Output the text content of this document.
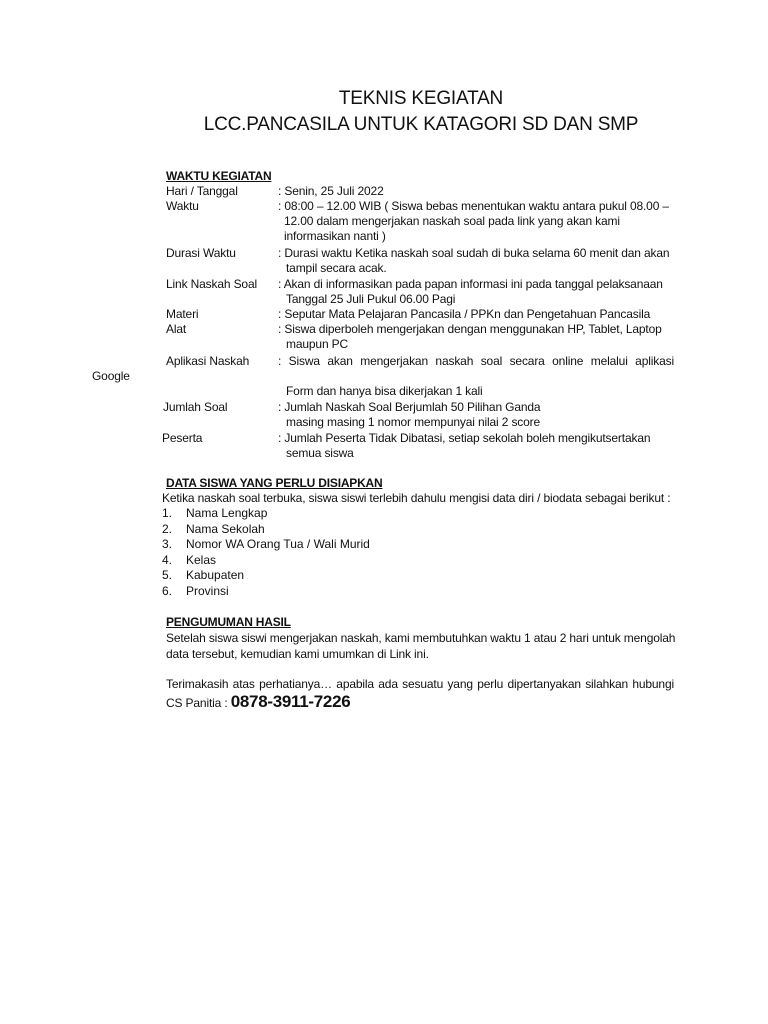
TEKNIS KEGIATAN
LCC.PANCASILA UNTUK KATAGORI SD DAN SMP
WAKTU KEGIATAN
Hari / Tanggal	: Senin, 25 Juli 2022
Waktu	: 08:00 – 12.00 WIB ( Siswa bebas menentukan waktu antara pukul 08.00 –
12.00 dalam mengerjakan naskah soal pada link yang akan kami
informasikan nanti )
Durasi Waktu	: Durasi waktu Ketika naskah soal sudah di buka selama 60 menit dan akan
tampil secara acak.
Link Naskah Soal : Akan di informasikan pada papan informasi ini pada tanggal pelaksanaan
Tanggal 25 Juli Pukul 06.00 Pagi
Materi	: Seputar Mata Pelajaran Pancasila / PPKn dan Pengetahuan Pancasila
Alat	: Siswa diperboleh mengerjakan dengan menggunakan HP, Tablet, Laptop
maupun PC
Aplikasi Naskah : Siswa akan mengerjakan naskah soal secara online melalui aplikasi
Google
Form dan hanya bisa dikerjakan 1 kali
Jumlah Soal	: Jumlah Naskah Soal Berjumlah 50 Pilihan Ganda
masing masing 1 nomor mempunyai nilai 2 score
Peserta	: Jumlah Peserta Tidak Dibatasi, setiap sekolah boleh mengikutsertakan
semua siswa
DATA SISWA YANG PERLU DISIAPKAN
Ketika naskah soal terbuka, siswa siswi terlebih dahulu mengisi data diri / biodata sebagai berikut :
1. Nama Lengkap
2. Nama Sekolah
3. Nomor WA Orang Tua / Wali Murid
4. Kelas
5. Kabupaten
6. Provinsi
PENGUMUMAN HASIL
Setelah siswa siswi mengerjakan naskah, kami membutuhkan waktu 1 atau 2 hari untuk mengolah
data tersebut, kemudian kami umumkan di Link ini.
Terimakasih atas perhatianya… apabila ada sesuatu yang perlu dipertanyakan silahkan hubungi
CS Panitia : 0878-3911-7226
